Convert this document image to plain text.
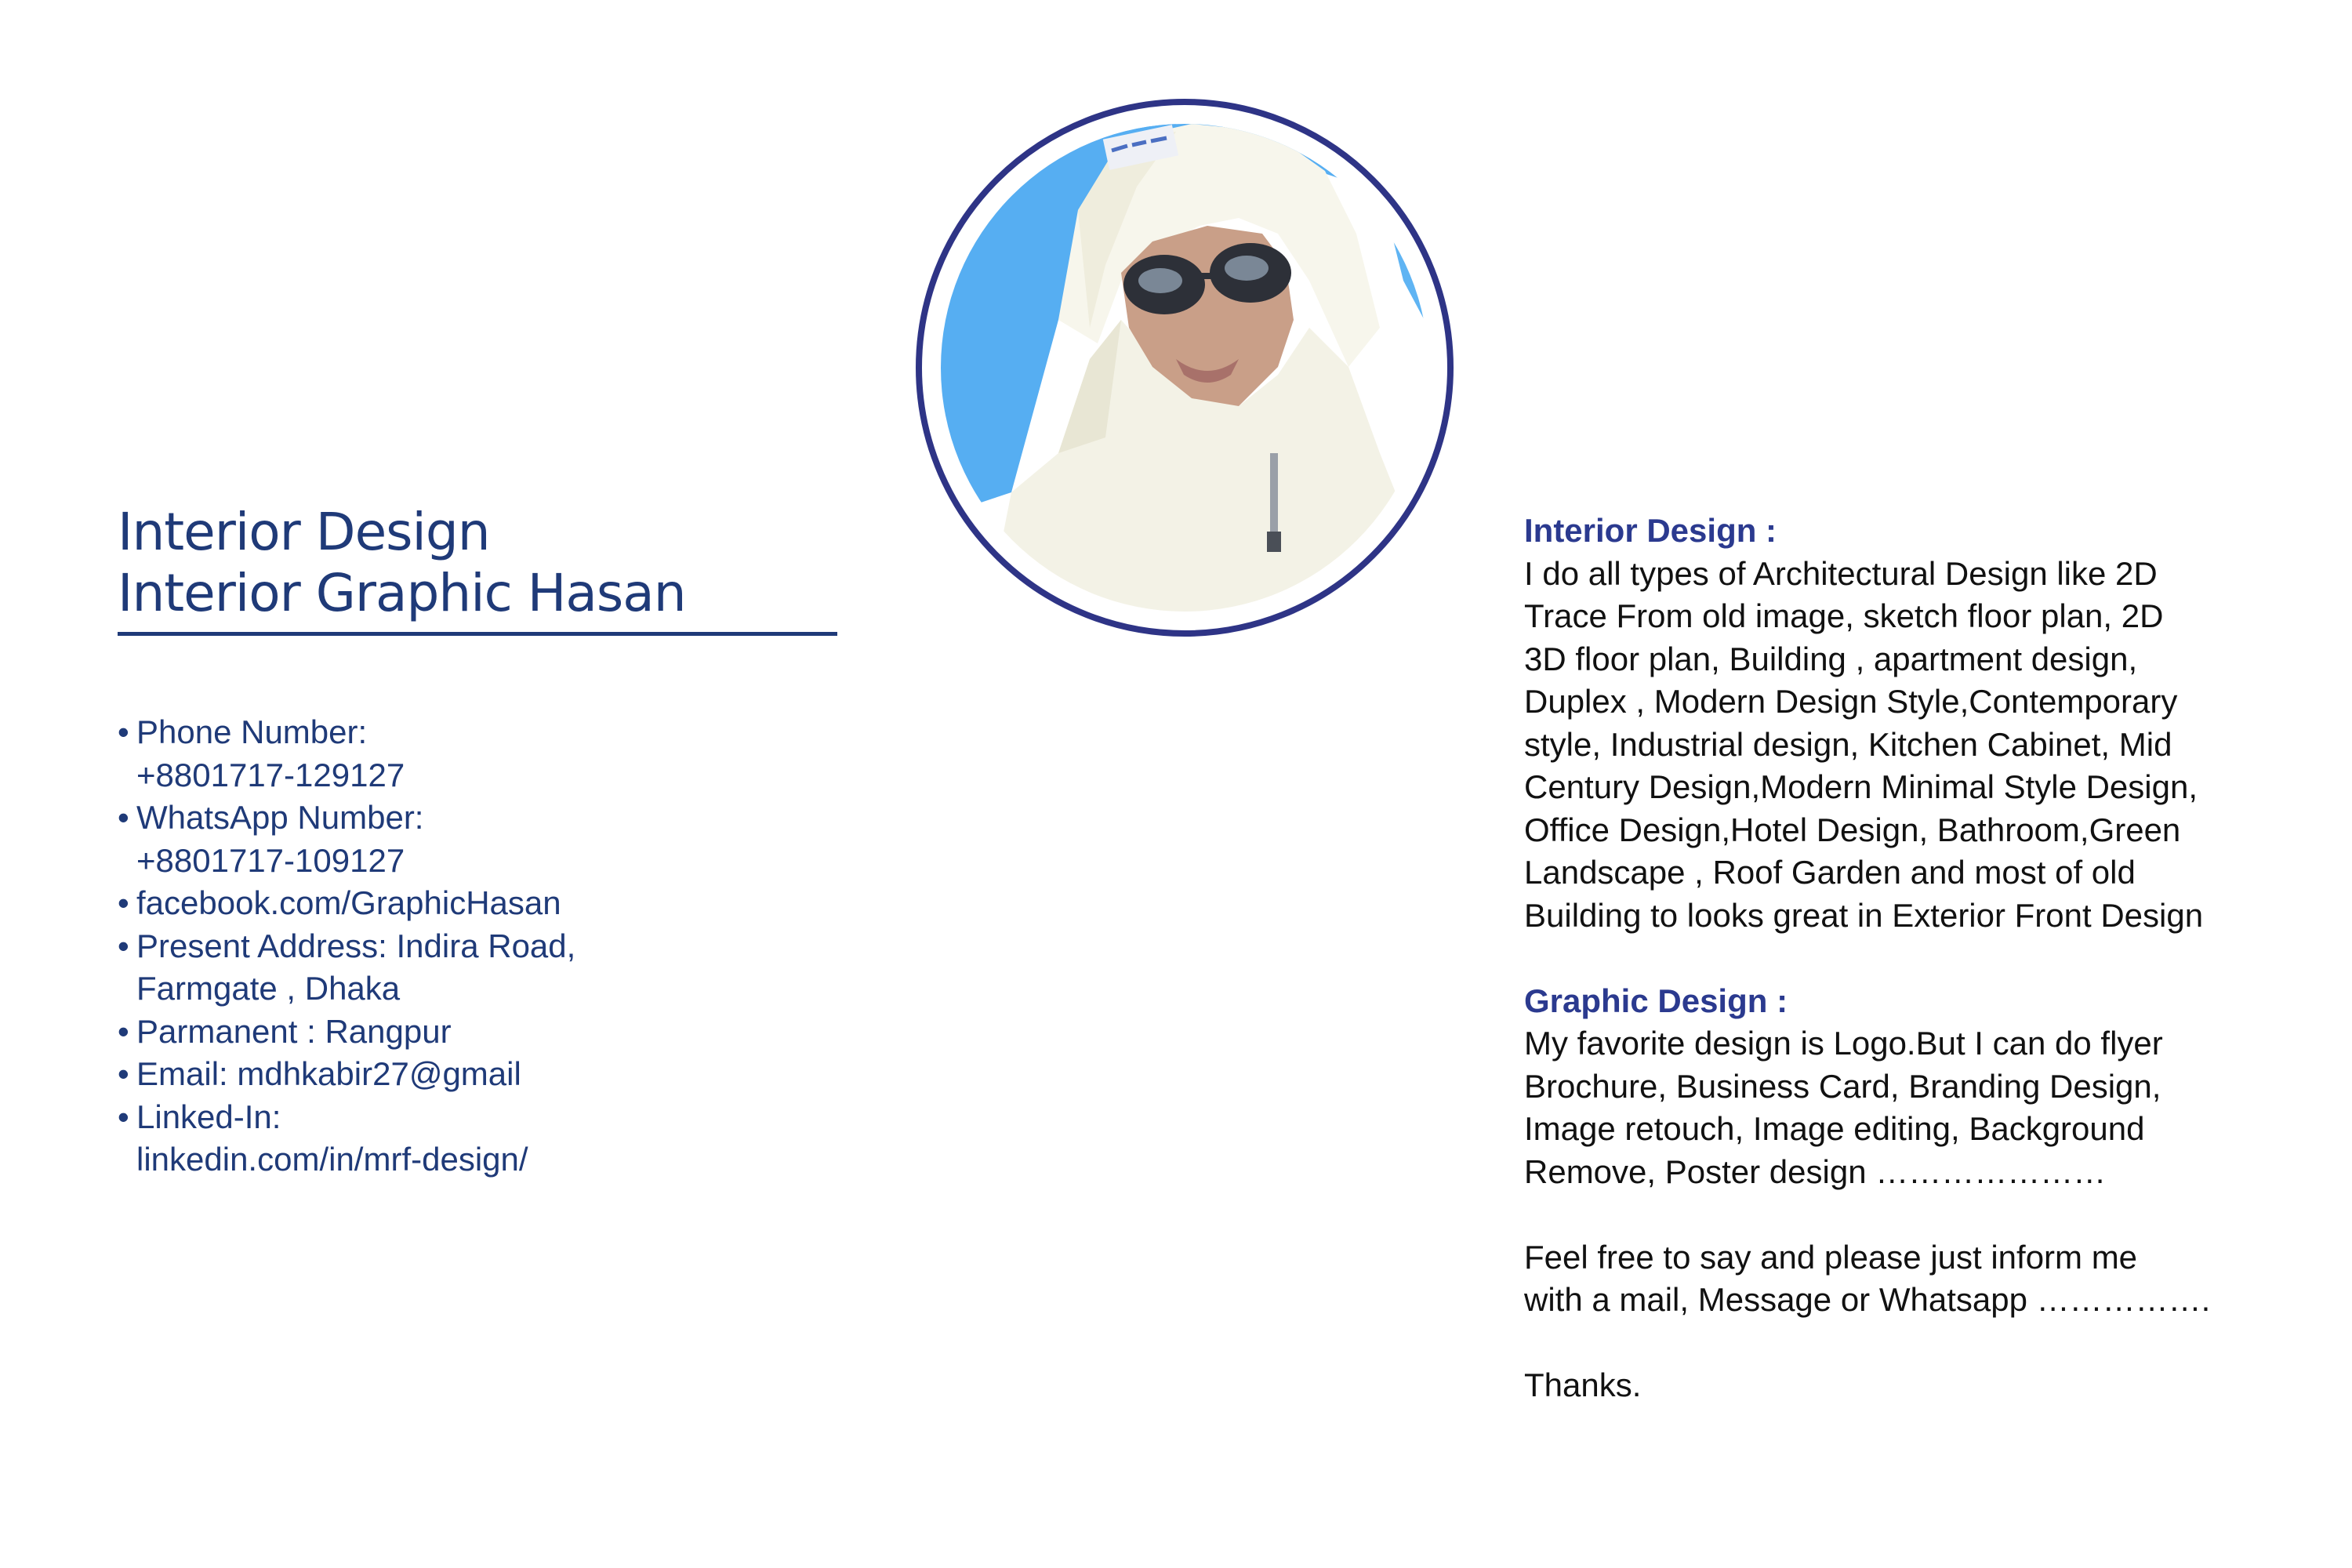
Interior Design
Interior Graphic Hasan
• Phone Number:
+8801717-129127
• WhatsApp Number:
+8801717-109127
• facebook.com/GraphicHasan
• Present Address: Indira Road,
Farmgate , Dhaka
• Parmanent : Rangpur
• Email: mdhkabir27@gmail
• Linked-In:
linkedin.com/in/mrf-design/

Interior Design :

I do all types of Architectural Design like 2D

Trace From old image, sketch floor plan, 2D

3D floor plan, Building , apartment design,

Duplex , Modern Design Style,Contemporary

style, Industrial design, Kitchen Cabinet, Mid

Century Design,Modern Minimal Style Design,

Office Design,Hotel Design, Bathroom,Green

Landscape , Roof Garden and most of old

Building to looks great in Exterior Front Design

Graphic Design :

My favorite design is Logo.But I can do flyer

Brochure, Business Card, Branding Design,

Image retouch, Image editing, Background

Remove, Poster design …………………

Feel free to say and please just inform me

with a mail, Message or Whatsapp …………….

Thanks.
